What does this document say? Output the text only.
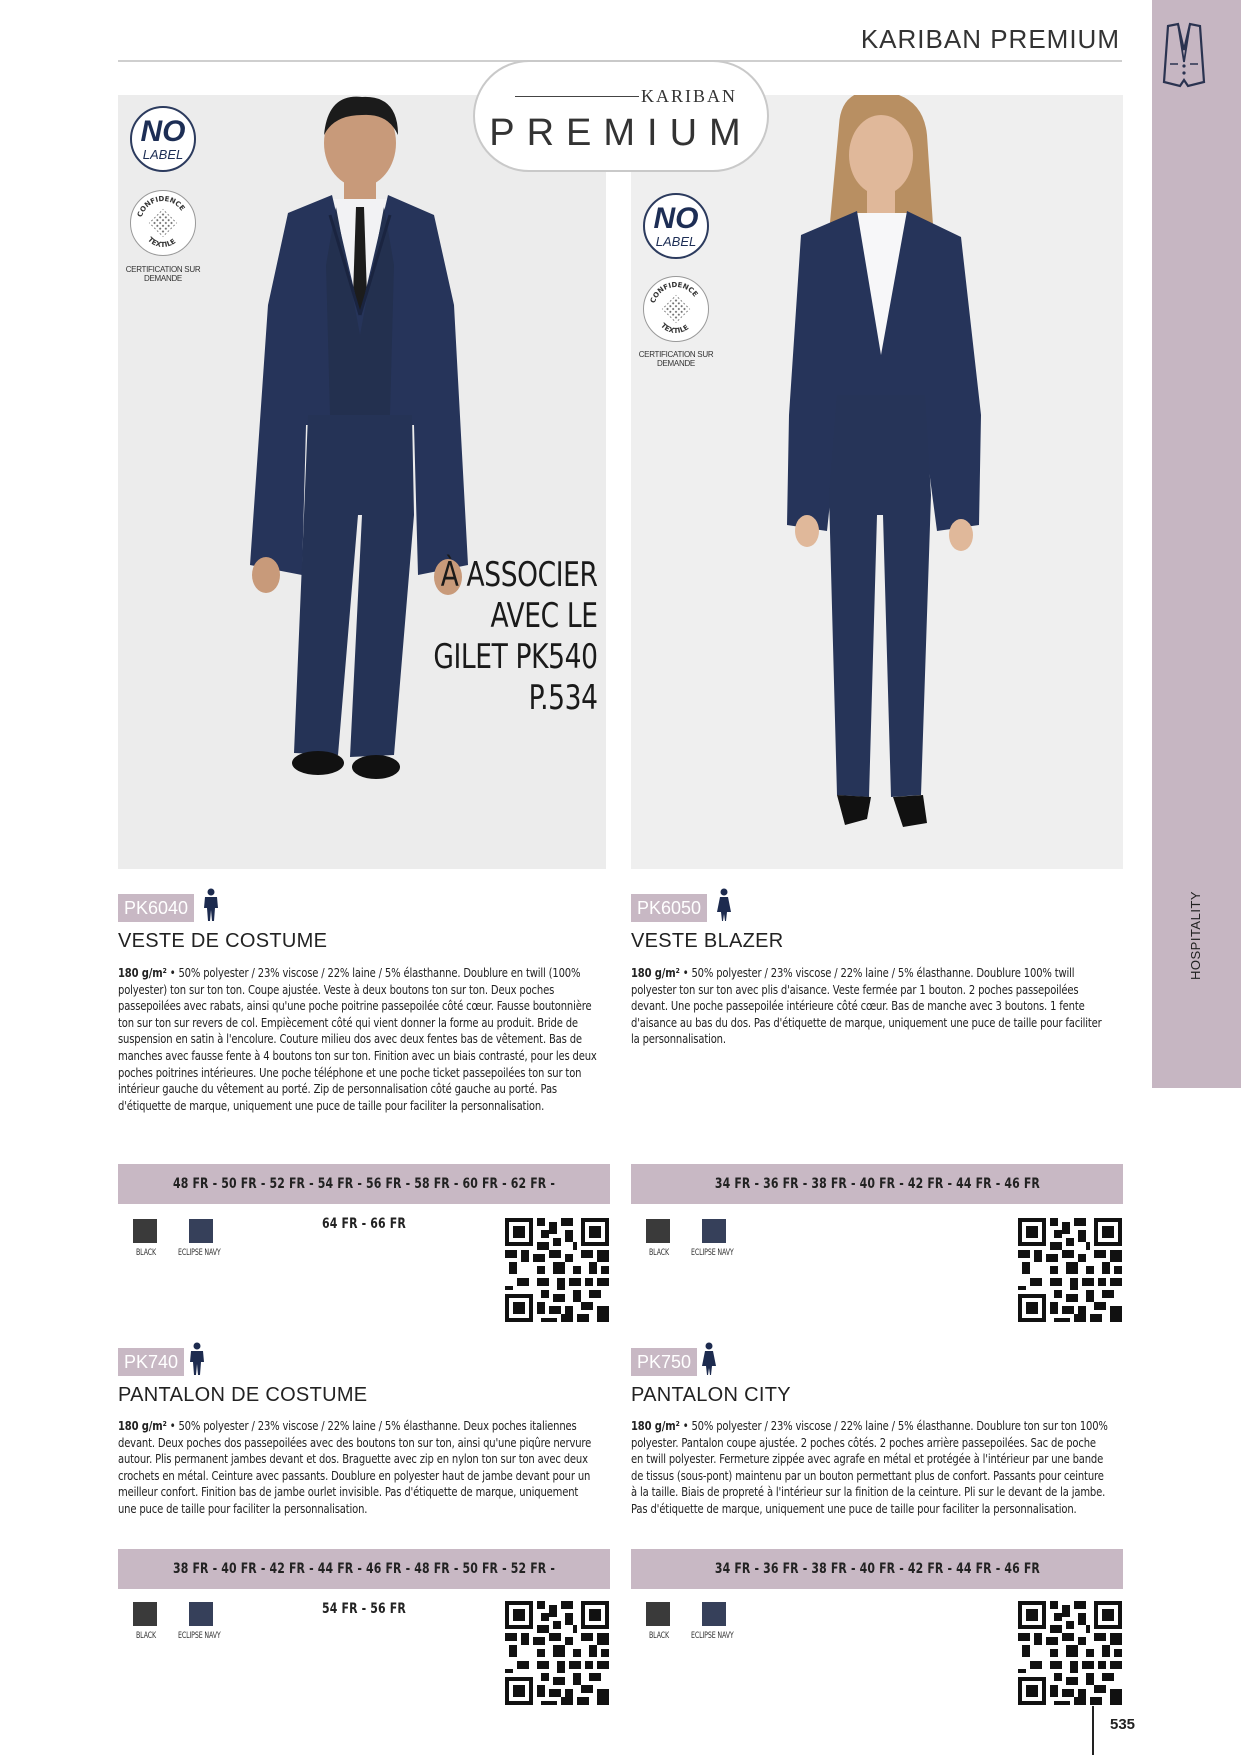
KARIBAN PREMIUM
HOSPITALITY
KARIBAN
PREMIUM
NO
LABEL
CONFIDENCE
TEXTILE
CERTIFICATION SUR DEMANDE
NO
LABEL
CONFIDENCE
TEXTILE
CERTIFICATION SUR DEMANDE
À ASSOCIER
AVEC LE
GILET PK540
P.534
PK6040
VESTE DE COSTUME
180 g/m² • 50% polyester / 23% viscose / 22% laine / 5% élasthanne. Doublure en twill (100% polyester) ton sur ton ton. Coupe ajustée. Veste à deux boutons ton sur ton. Deux poches passepoilées avec rabats, ainsi qu'une poche poitrine passepoilée côté cœur. Fausse boutonnière ton sur ton sur revers de col. Empiècement côté qui vient donner la forme au produit. Bride de suspension en satin à l'encolure. Couture milieu dos avec deux fentes bas de vêtement. Bas de manches avec fausse fente à 4 boutons ton sur ton. Finition avec un biais contrasté, pour les deux poches poitrines intérieures. Une poche téléphone et une poche ticket passepoilées ton sur ton intérieur gauche du vêtement au porté. Zip de personnalisation côté gauche au porté. Pas d'étiquette de marque, uniquement une puce de taille pour faciliter la personnalisation.
48 FR - 50 FR - 52 FR - 54 FR - 56 FR - 58 FR - 60 FR - 62 FR - 64 FR - 66 FR
BLACK ECLIPSE NAVY
PK6050
VESTE BLAZER
180 g/m² • 50% polyester / 23% viscose / 22% laine / 5% élasthanne. Doublure 100% twill polyester ton sur ton avec plis d'aisance. Veste fermée par 1 bouton. 2 poches passepoilées devant. Une poche passepoilée intérieure côté cœur. Bas de manche avec 3 boutons. 1 fente d'aisance au bas du dos. Pas d'étiquette de marque, uniquement une puce de taille pour faciliter la personnalisation.
34 FR - 36 FR - 38 FR - 40 FR - 42 FR - 44 FR - 46 FR
BLACK ECLIPSE NAVY
PK740
PANTALON DE COSTUME
180 g/m² • 50% polyester / 23% viscose / 22% laine / 5% élasthanne. Deux poches italiennes devant. Deux poches dos passepoilées avec des boutons ton sur ton, ainsi qu'une piqûre nervure autour. Plis permanent jambes devant et dos. Braguette avec zip en nylon ton sur ton avec deux crochets en métal. Ceinture avec passants. Doublure en polyester haut de jambe devant pour un meilleur confort. Finition bas de jambe ourlet invisible. Pas d'étiquette de marque, uniquement une puce de taille pour faciliter la personnalisation.
38 FR - 40 FR - 42 FR - 44 FR - 46 FR - 48 FR - 50 FR - 52 FR - 54 FR - 56 FR
BLACK ECLIPSE NAVY
PK750
PANTALON CITY
180 g/m² • 50% polyester / 23% viscose / 22% laine / 5% élasthanne. Doublure ton sur ton 100% polyester. Pantalon coupe ajustée. 2 poches côtés. 2 poches arrière passepoilées. Sac de poche en twill polyester. Fermeture zippée avec agrafe en métal et protégée à l'intérieur par une bande de tissus (sous-pont) maintenu par un bouton permettant plus de confort. Passants pour ceinture à la taille. Biais de propreté à l'intérieur sur la finition de la ceinture. Pli sur le devant de la jambe. Pas d'étiquette de marque, uniquement une puce de taille pour faciliter la personnalisation.
34 FR - 36 FR - 38 FR - 40 FR - 42 FR - 44 FR - 46 FR
BLACK ECLIPSE NAVY
535
